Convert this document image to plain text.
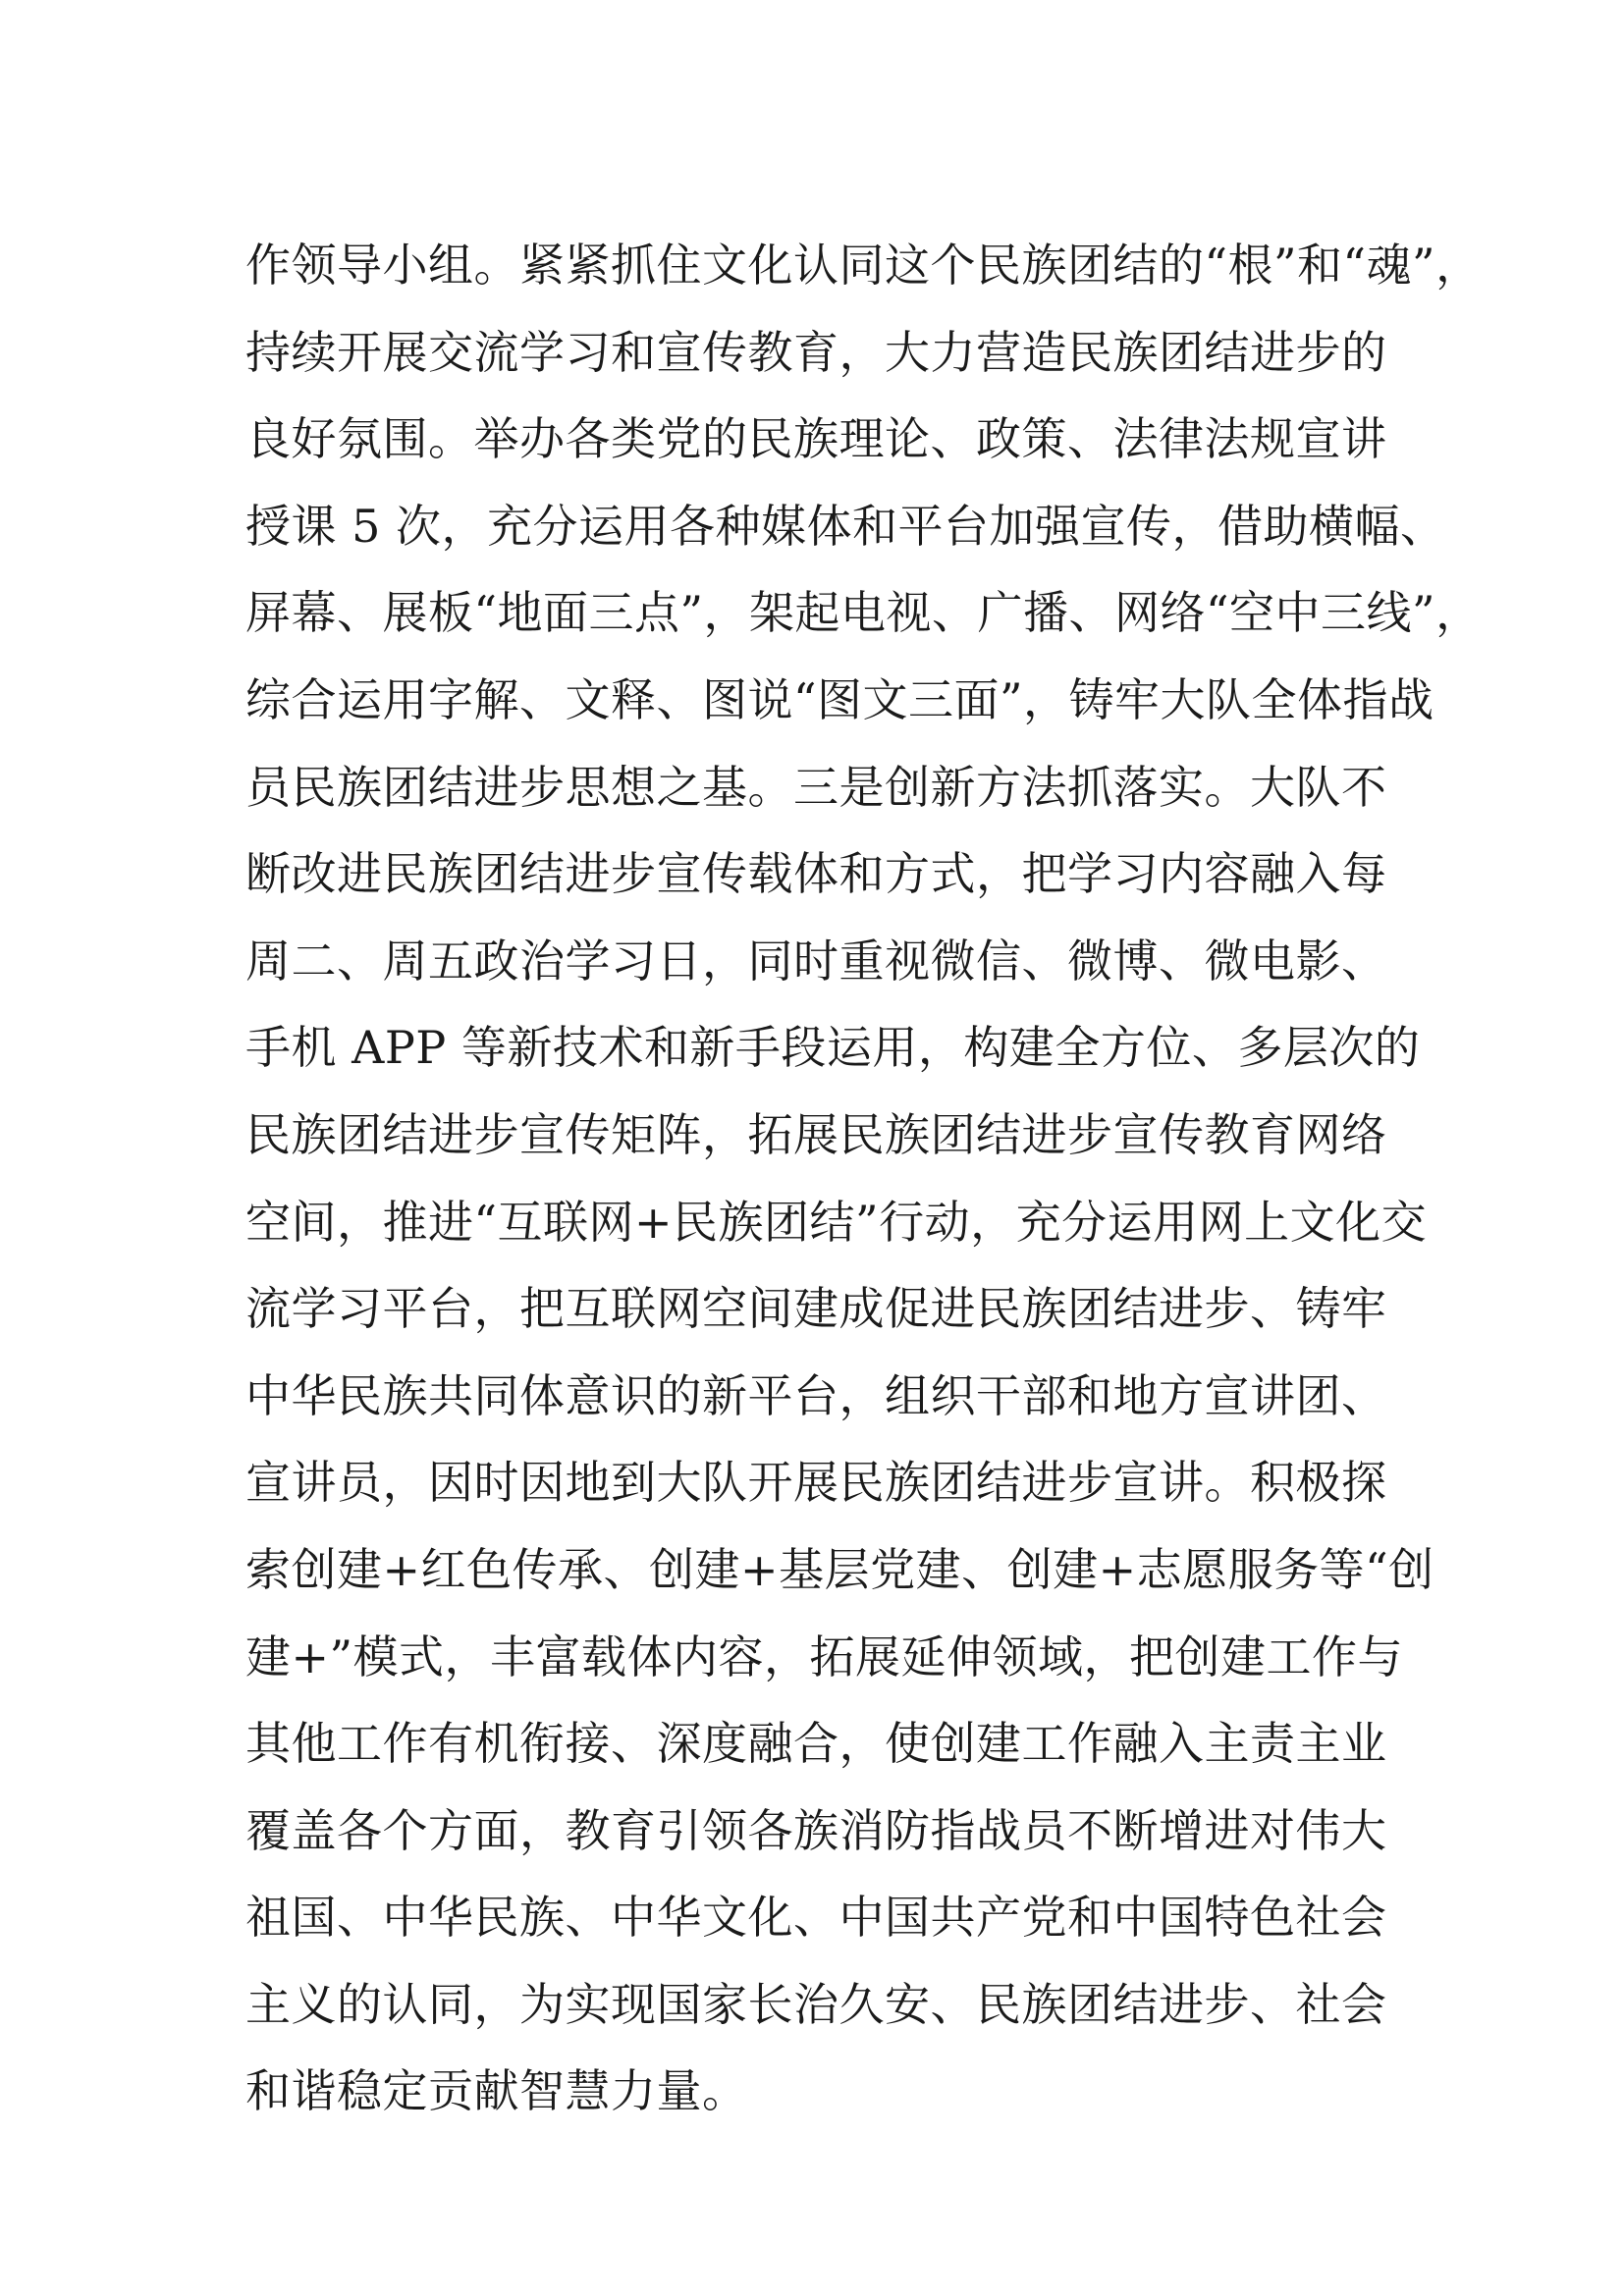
作领导小组。紧紧抓住文化认同这个民族团结的“根”和“魂”，
持续开展交流学习和宣传教育，大力营造民族团结进步的
良好氛围。举办各类党的民族理论、政策、法律法规宣讲
授课 5 次，充分运用各种媒体和平台加强宣传，借助横幅、
屏幕、展板“地面三点”，架起电视、广播、网络“空中三线”，
综合运用字解、文释、图说“图文三面”，铸牢大队全体指战
员民族团结进步思想之基。三是创新方法抓落实。大队不
断改进民族团结进步宣传载体和方式，把学习内容融入每
周二、周五政治学习日，同时重视微信、微博、微电影、
手机 APP 等新技术和新手段运用，构建全方位、多层次的
民族团结进步宣传矩阵，拓展民族团结进步宣传教育网络
空间，推进“互联网+民族团结”行动，充分运用网上文化交
流学习平台，把互联网空间建成促进民族团结进步、铸牢
中华民族共同体意识的新平台，组织干部和地方宣讲团、
宣讲员，因时因地到大队开展民族团结进步宣讲。积极探
索创建+红色传承、创建+基层党建、创建+志愿服务等“创
建+”模式，丰富载体内容，拓展延伸领域，把创建工作与
其他工作有机衔接、深度融合，使创建工作融入主责主业
覆盖各个方面，教育引领各族消防指战员不断增进对伟大
祖国、中华民族、中华文化、中国共产党和中国特色社会
主义的认同，为实现国家长治久安、民族团结进步、社会
和谐稳定贡献智慧力量。
